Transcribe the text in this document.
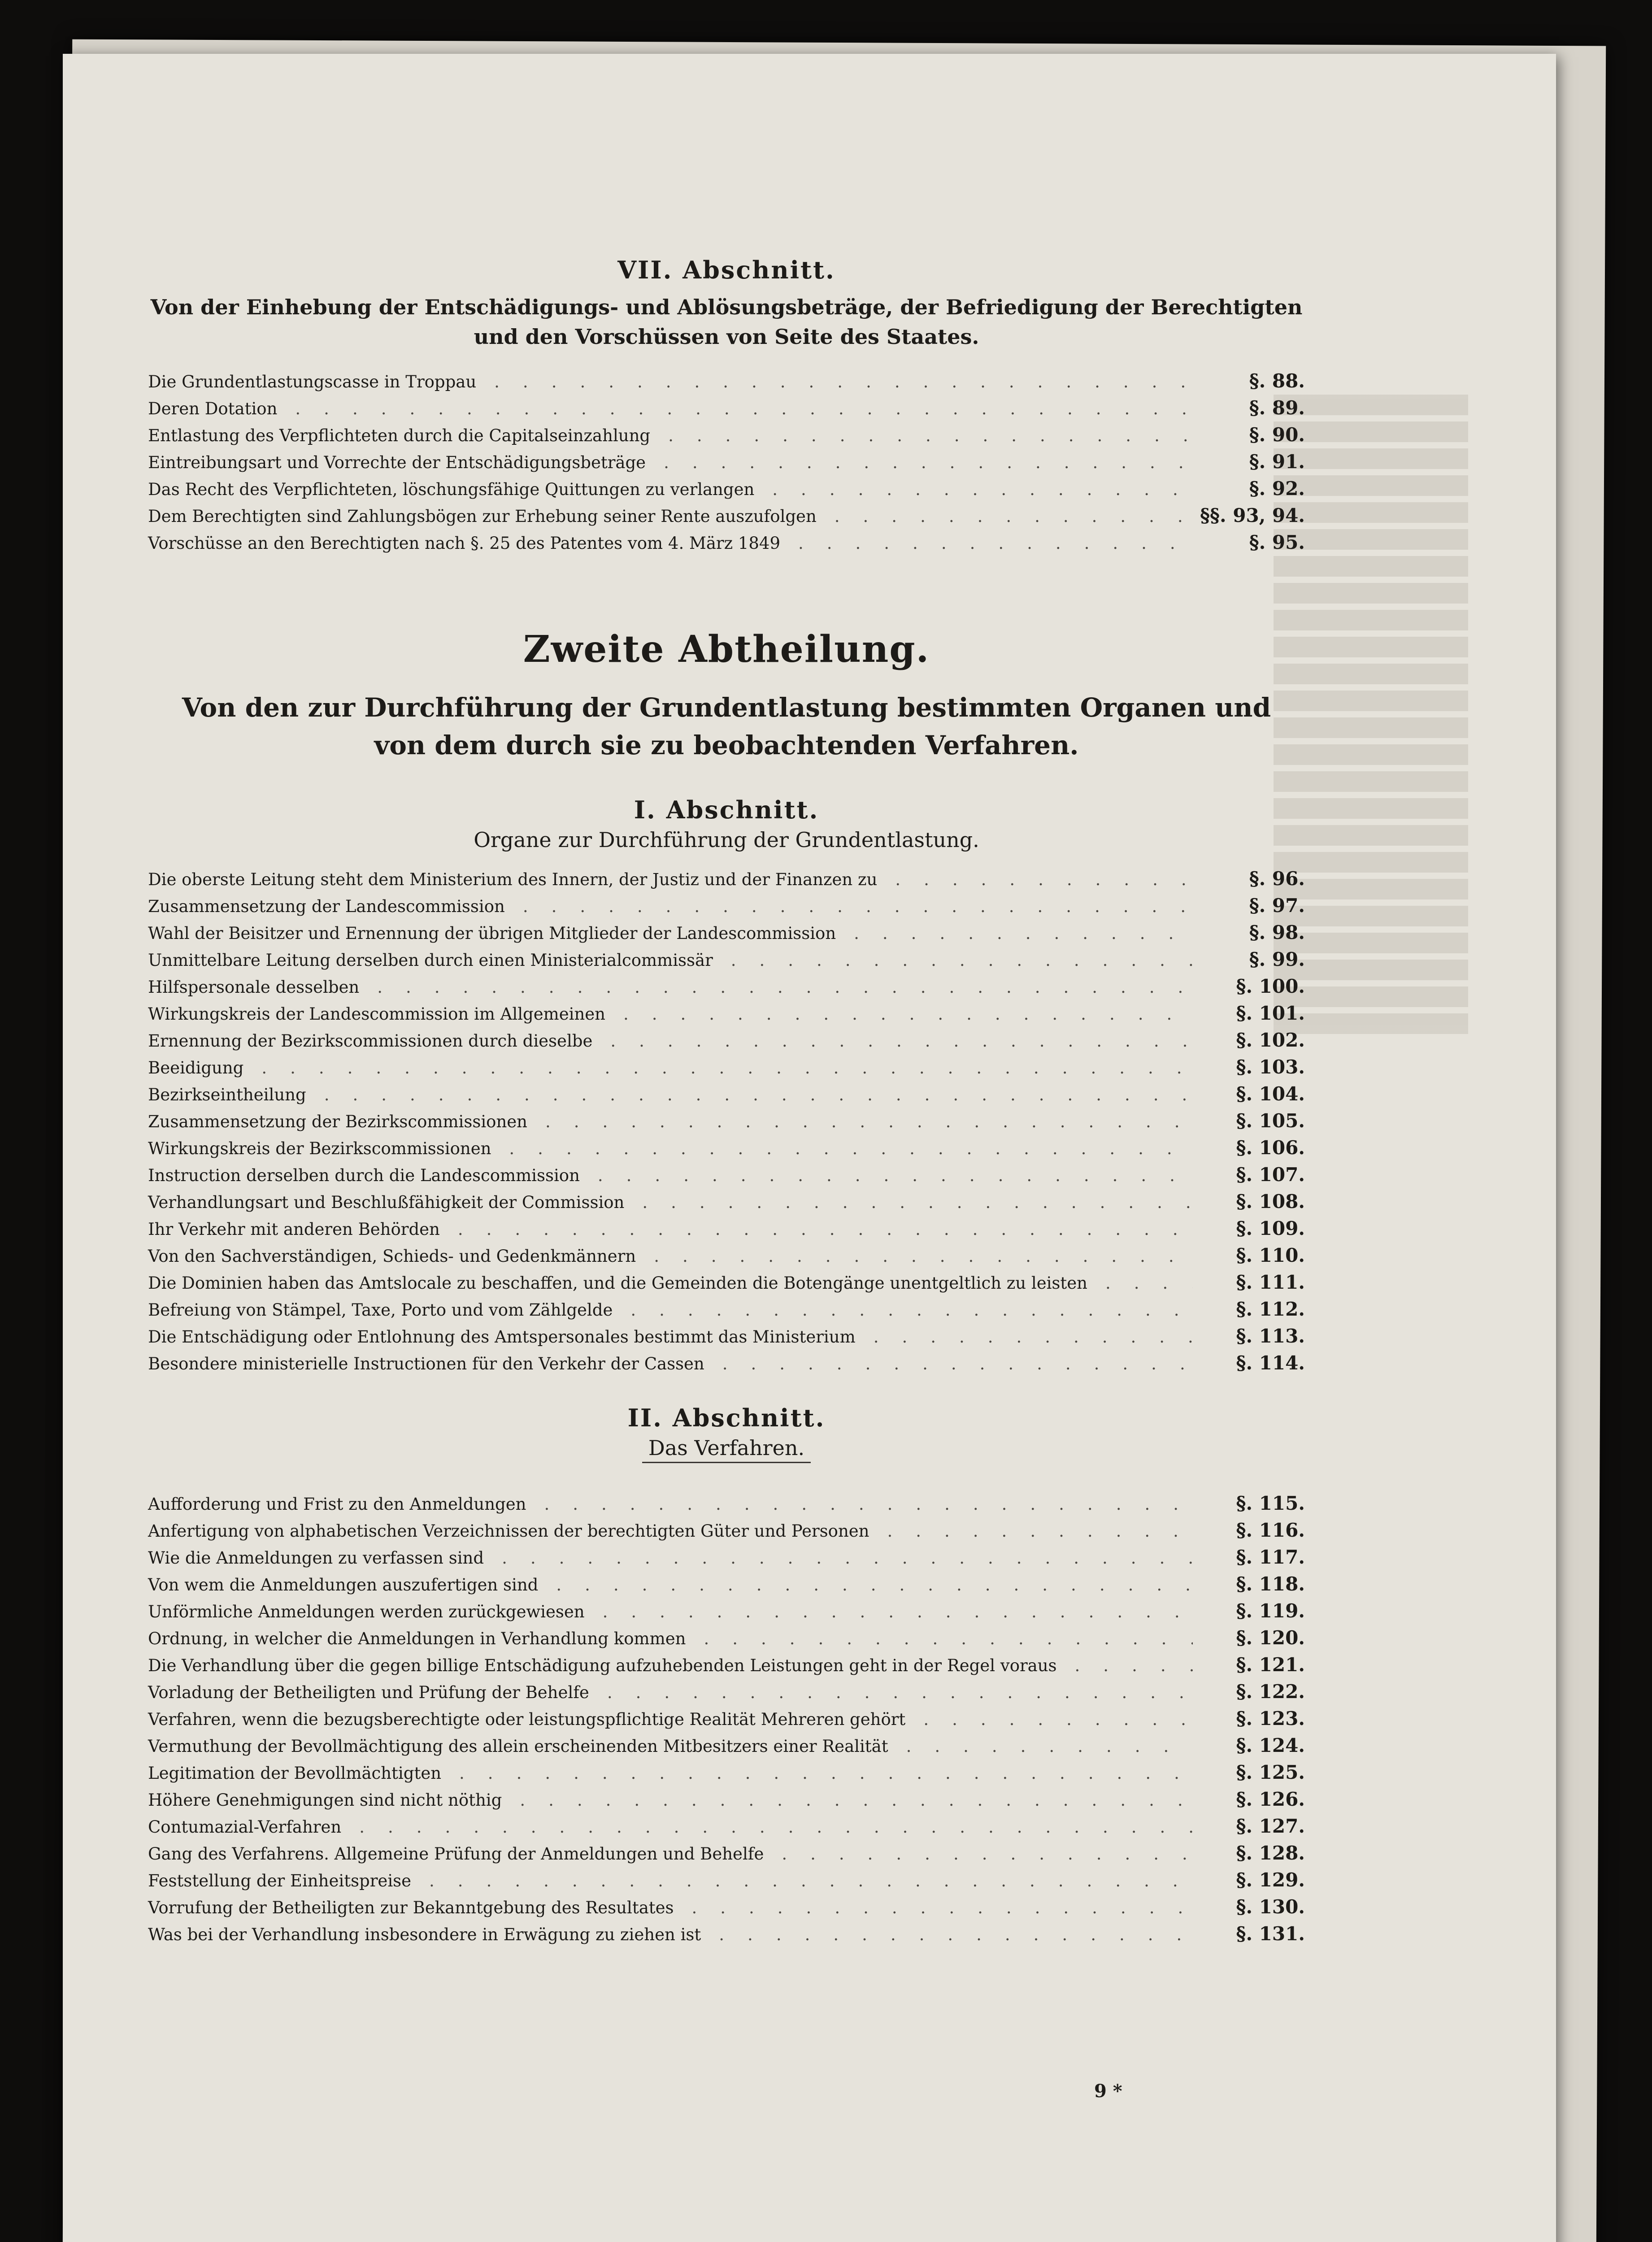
VII. Abschnitt.
Von der Einhebung der Entschädigungs- und Ablösungsbeträge, der Befriedigung der Berechtigten und den Vorschüssen von Seite des Staates.
Die Grundentlastungscasse in Troppau .....	§. 88.
Deren Dotation .....	§. 89.
Entlastung des Verpflichteten durch die Capitalseinzahlung .....	§. 90.
Eintreibungsart und Vorrechte der Entschädigungsbeträge .....	§. 91.
Das Recht des Verpflichteten, löschungsfähige Quittungen zu verlangen .....	§. 92.
Dem Berechtigten sind Zahlungsbögen zur Erhebung seiner Rente auszufolgen .....	§§. 93, 94.
Vorschüsse an den Berechtigten nach §. 25 des Patentes vom 4. März 1849 .....	§. 95.
Zweite Abtheilung.
Von den zur Durchführung der Grundentlastung bestimmten Organen und von dem durch sie zu beobachtenden Verfahren.
I. Abschnitt.
Organe zur Durchführung der Grundentlastung.
Die oberste Leitung steht dem Ministerium des Innern, der Justiz und der Finanzen zu .....	§. 96.
Zusammensetzung der Landescommission .....	§. 97.
Wahl der Beisitzer und Ernennung der übrigen Mitglieder der Landescommission .....	§. 98.
Unmittelbare Leitung derselben durch einen Ministerialcommissär .....	§. 99.
Hilfspersonale desselben .....	§. 100.
Wirkungskreis der Landescommission im Allgemeinen .....	§. 101.
Ernennung der Bezirkscommissionen durch dieselbe .....	§. 102.
Beeidigung .....	§. 103.
Bezirkseintheilung .....	§. 104.
Zusammensetzung der Bezirkscommissionen .....	§. 105.
Wirkungskreis der Bezirkscommissionen .....	§. 106.
Instruction derselben durch die Landescommission .....	§. 107.
Verhandlungsart und Beschlußfähigkeit der Commission .....	§. 108.
Ihr Verkehr mit anderen Behörden .....	§. 109.
Von den Sachverständigen, Schieds- und Gedenkmännern .....	§. 110.
Die Dominien haben das Amtslocale zu beschaffen, und die Gemeinden die Botengänge unentgeltlich zu leisten .....	§. 111.
Befreiung von Stämpel, Taxe, Porto und vom Zählgelde .....	§. 112.
Die Entschädigung oder Entlohnung des Amtspersonales bestimmt das Ministerium .....	§. 113.
Besondere ministerielle Instructionen für den Verkehr der Cassen .....	§. 114.
II. Abschnitt.
Das Verfahren.
Aufforderung und Frist zu den Anmeldungen .....	§. 115.
Anfertigung von alphabetischen Verzeichnissen der berechtigten Güter und Personen .....	§. 116.
Wie die Anmeldungen zu verfassen sind .....	§. 117.
Von wem die Anmeldungen auszufertigen sind .....	§. 118.
Unförmliche Anmeldungen werden zurückgewiesen .....	§. 119.
Ordnung, in welcher die Anmeldungen in Verhandlung kommen .....	§. 120.
Die Verhandlung über die gegen billige Entschädigung aufzuhebenden Leistungen geht in der Regel voraus .....	§. 121.
Vorladung der Betheiligten und Prüfung der Behelfe .....	§. 122.
Verfahren, wenn die bezugsberechtigte oder leistungspflichtige Realität Mehreren gehört .....	§. 123.
Vermuthung der Bevollmächtigung des allein erscheinenden Mitbesitzers einer Realität .....	§. 124.
Legitimation der Bevollmächtigten .....	§. 125.
Höhere Genehmigungen sind nicht nöthig .....	§. 126.
Contumazial-Verfahren .....	§. 127.
Gang des Verfahrens. Allgemeine Prüfung der Anmeldungen und Behelfe .....	§. 128.
Feststellung der Einheitspreise .....	§. 129.
Vorrufung der Betheiligten zur Bekanntgebung des Resultates .....	§. 130.
Was bei der Verhandlung insbesondere in Erwägung zu ziehen ist .....	§. 131.
9 *
